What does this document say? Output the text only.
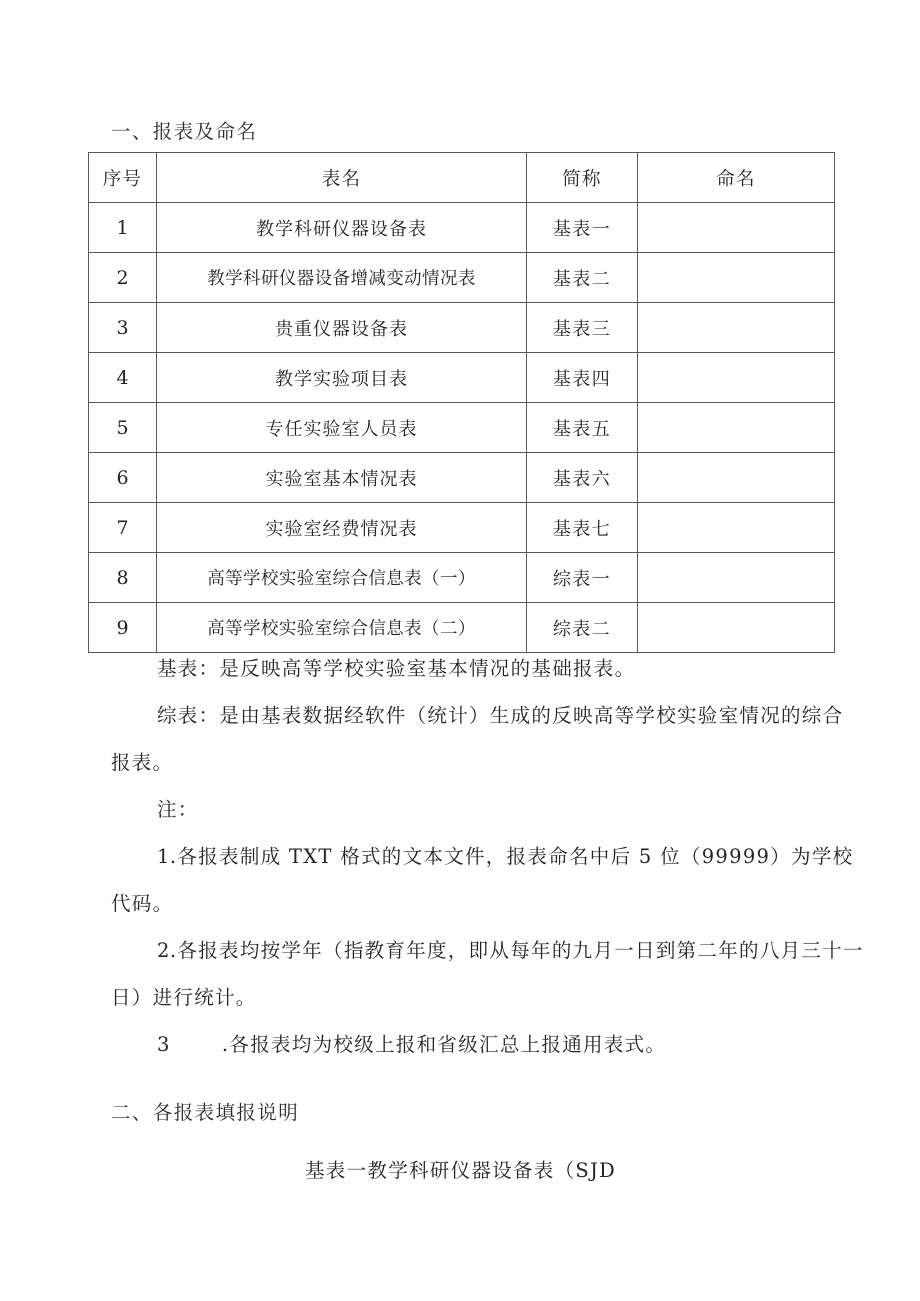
一、报表及命名
序号	表名	简称	命名
1	教学科研仪器设备表	基表一	
2	教学科研仪器设备增减变动情况表	基表二	
3	贵重仪器设备表	基表三	
4	教学实验项目表	基表四	
5	专任实验室人员表	基表五	
6	实验室基本情况表	基表六	
7	实验室经费情况表	基表七	
8	高等学校实验室综合信息表（一）	综表一	
9	高等学校实验室综合信息表（二）	综表二	
基表：是反映高等学校实验室基本情况的基础报表。
综表：是由基表数据经软件（统计）生成的反映高等学校实验室情况的综合报表。
注：
1.各报表制成 TXT 格式的文本文件，报表命名中后 5 位（99999）为学校代码。
2.各报表均按学年（指教育年度，即从每年的九月一日到第二年的八月三十一日）进行统计。
3	.各报表均为校级上报和省级汇总上报通用表式。
二、各报表填报说明
基表一教学科研仪器设备表（SJD
